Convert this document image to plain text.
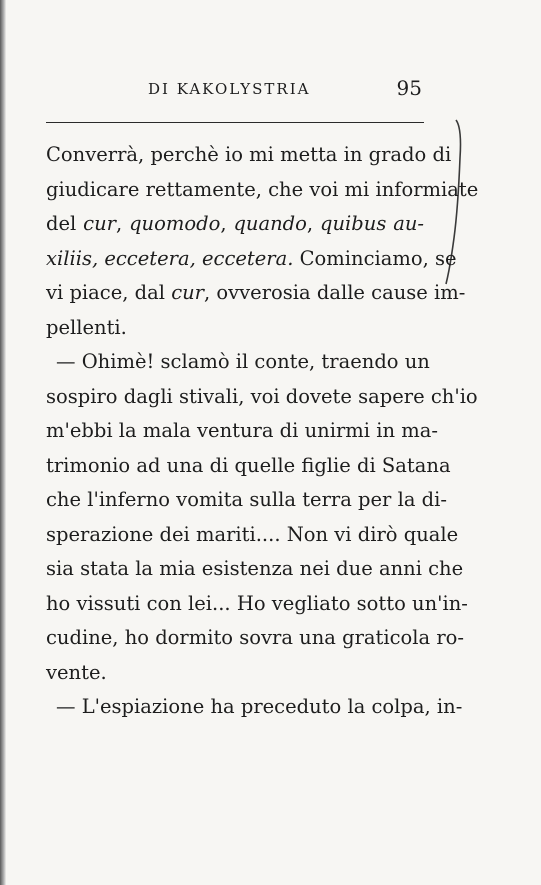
DI KAKOLYSTRIA	95
Converrà, perchè io mi metta in grado di
giudicare rettamente, che voi mi informiate
del cur, quomodo, quando, quibus au-
xiliis, eccetera, eccetera. Cominciamo, se
vi piace, dal cur, ovverosia dalle cause im-
pellenti.
— Ohimè! sclamò il conte, traendo un
sospiro dagli stivali, voi dovete sapere ch'io
m'ebbi la mala ventura di unirmi in ma-
trimonio ad una di quelle figlie di Satana
che l'inferno vomita sulla terra per la di-
sperazione dei mariti.... Non vi dirò quale
sia stata la mia esistenza nei due anni che
ho vissuti con lei... Ho vegliato sotto un'in-
cudine, ho dormito sovra una graticola ro-
vente.
— L'espiazione ha preceduto la colpa, in-
